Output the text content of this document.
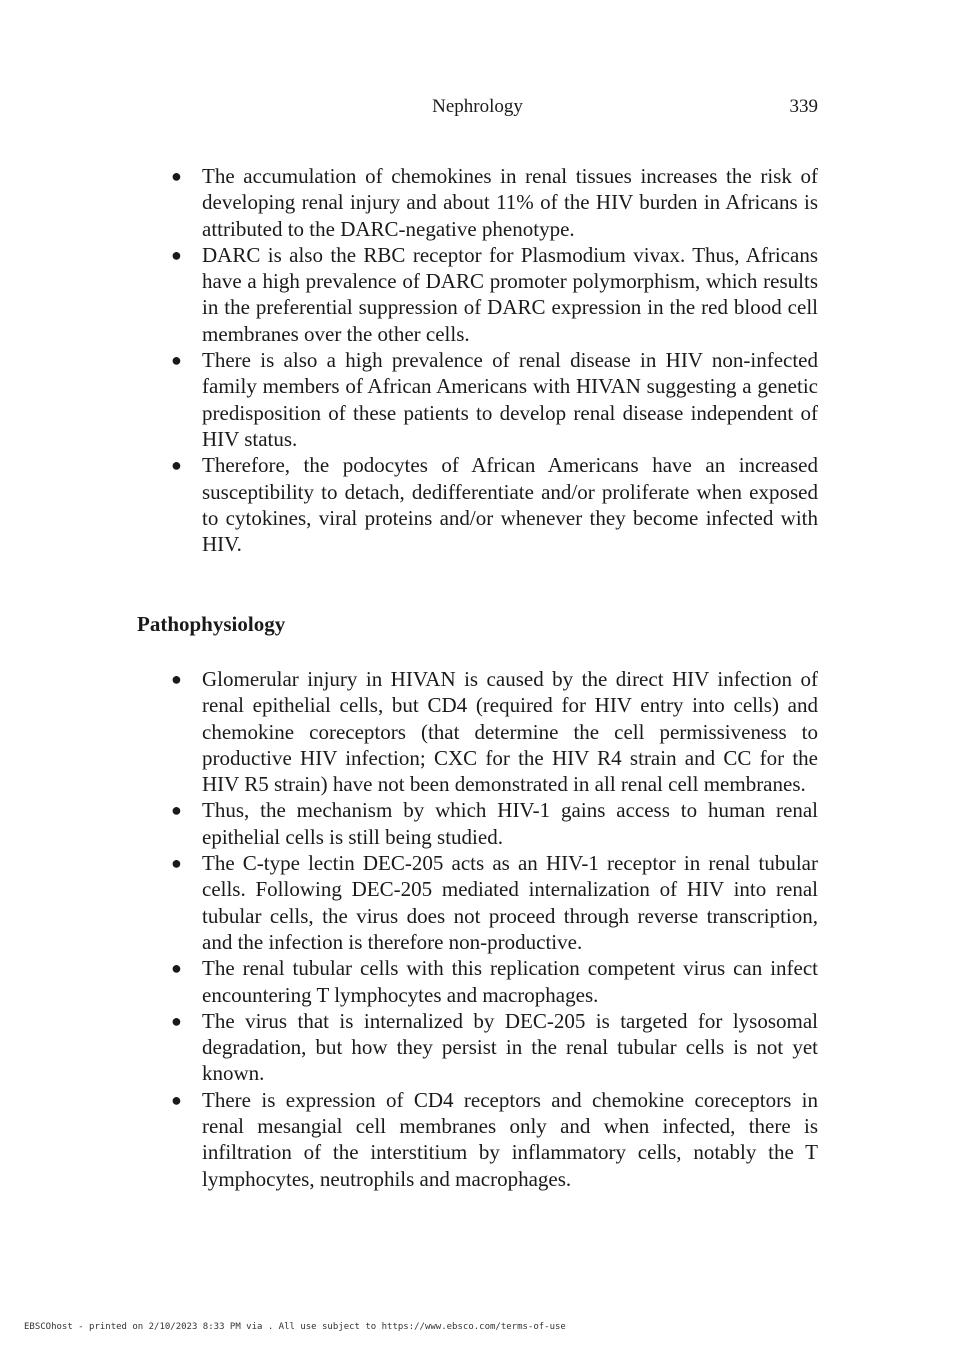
Nephrology	339
● The accumulation of chemokines in renal tissues increases the risk of developing renal injury and about 11% of the HIV burden in Africans is attributed to the DARC-negative phenotype.
● DARC is also the RBC receptor for Plasmodium vivax. Thus, Africans have a high prevalence of DARC promoter polymorphism, which results in the preferential suppression of DARC expression in the red blood cell membranes over the other cells.
● There is also a high prevalence of renal disease in HIV non-infected family members of African Americans with HIVAN suggesting a genetic predisposition of these patients to develop renal disease independent of HIV status.
● Therefore, the podocytes of African Americans have an increased susceptibility to detach, dedifferentiate and/or proliferate when exposed to cytokines, viral proteins and/or whenever they become infected with HIV.
Pathophysiology
● Glomerular injury in HIVAN is caused by the direct HIV infection of renal epithelial cells, but CD4 (required for HIV entry into cells) and chemokine coreceptors (that determine the cell permissiveness to productive HIV infection; CXC for the HIV R4 strain and CC for the HIV R5 strain) have not been demonstrated in all renal cell membranes.
● Thus, the mechanism by which HIV-1 gains access to human renal epithelial cells is still being studied.
● The C-type lectin DEC-205 acts as an HIV-1 receptor in renal tubular cells. Following DEC-205 mediated internalization of HIV into renal tubular cells, the virus does not proceed through reverse transcription, and the infection is therefore non-productive.
● The renal tubular cells with this replication competent virus can infect encountering T lymphocytes and macrophages.
● The virus that is internalized by DEC-205 is targeted for lysosomal degradation, but how they persist in the renal tubular cells is not yet known.
● There is expression of CD4 receptors and chemokine coreceptors in renal mesangial cell membranes only and when infected, there is infiltration of the interstitium by inflammatory cells, notably the T lymphocytes, neutrophils and macrophages.
EBSCOhost - printed on 2/10/2023 8:33 PM via . All use subject to https://www.ebsco.com/terms-of-use
